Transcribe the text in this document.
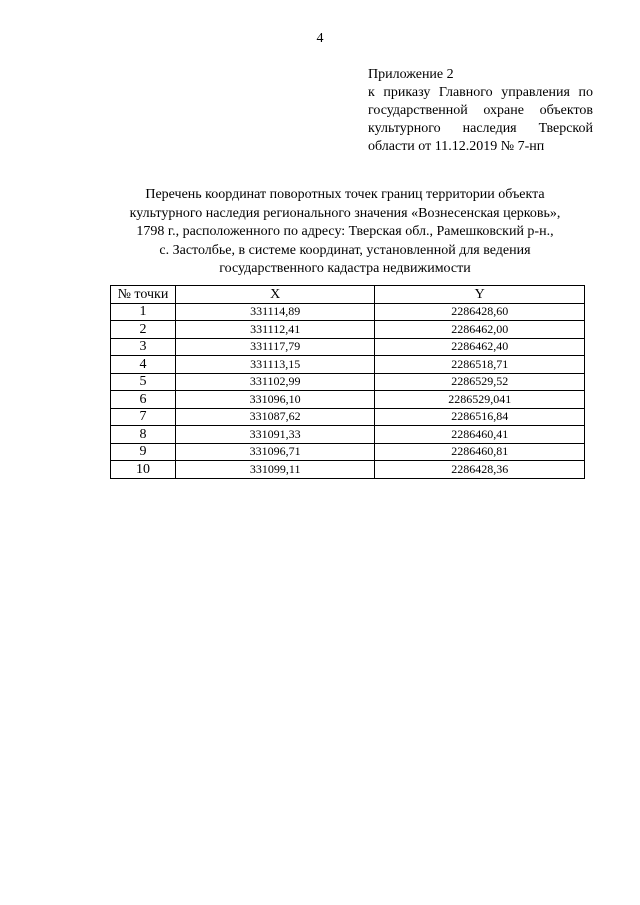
4
Приложение 2
к приказу Главного управления по
государственной охране объектов
культурного наследия Тверской
области от 11.12.2019 № 7-нп
Перечень координат поворотных точек границ территории объекта
культурного наследия регионального значения «Вознесенская церковь»,
1798 г., расположенного по адресу: Тверская обл., Рамешковский р-н.,
с. Застолбье, в системе координат, установленной для ведения
государственного кадастра недвижимости
№ точки	X	Y
1	331114,89	2286428,60
2	331112,41	2286462,00
3	331117,79	2286462,40
4	331113,15	2286518,71
5	331102,99	2286529,52
6	331096,10	2286529,041
7	331087,62	2286516,84
8	331091,33	2286460,41
9	331096,71	2286460,81
10	331099,11	2286428,36
